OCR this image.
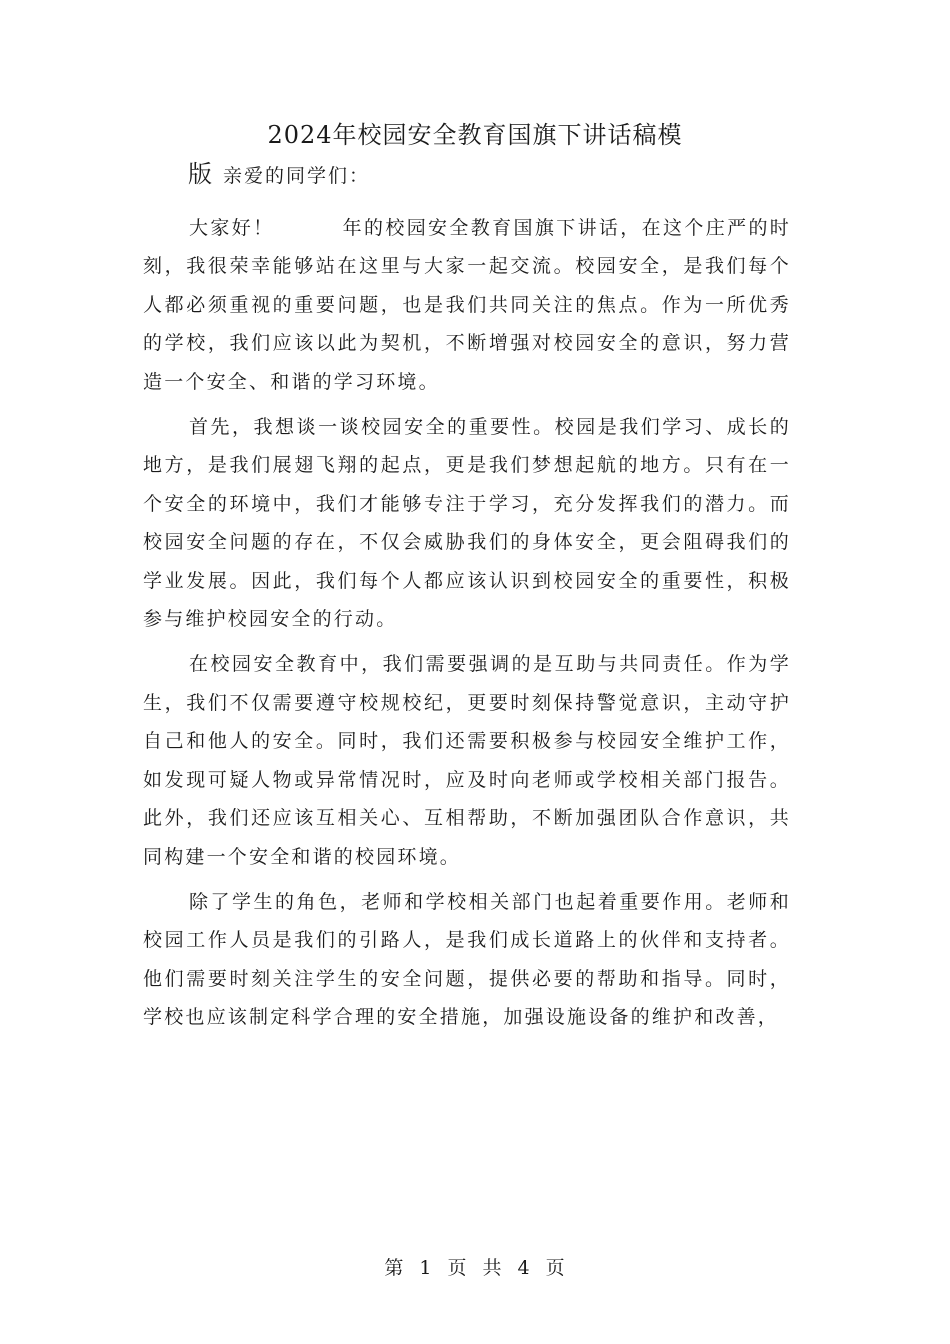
2024年校园安全教育国旗下讲话稿模
版 亲爱的同学们：

大家好！	年的校园安全教育国旗下讲话，在这个庄严的时刻，我很荣幸能够站在这里与大家一起交流。校园安全，是我们每个人都必须重视的重要问题，也是我们共同关注的焦点。作为一所优秀的学校，我们应该以此为契机，不断增强对校园安全的意识，努力营造一个安全、和谐的学习环境。

首先，我想谈一谈校园安全的重要性。校园是我们学习、成长的地方，是我们展翅飞翔的起点，更是我们梦想起航的地方。只有在一个安全的环境中，我们才能够专注于学习，充分发挥我们的潜力。而校园安全问题的存在，不仅会威胁我们的身体安全，更会阻碍我们的学业发展。因此，我们每个人都应该认识到校园安全的重要性，积极参与维护校园安全的行动。

在校园安全教育中，我们需要强调的是互助与共同责任。作为学生，我们不仅需要遵守校规校纪，更要时刻保持警觉意识，主动守护自己和他人的安全。同时，我们还需要积极参与校园安全维护工作，如发现可疑人物或异常情况时，应及时向老师或学校相关部门报告。此外，我们还应该互相关心、互相帮助，不断加强团队合作意识，共同构建一个安全和谐的校园环境。

除了学生的角色，老师和学校相关部门也起着重要作用。老师和校园工作人员是我们的引路人，是我们成长道路上的伙伴和支持者。他们需要时刻关注学生的安全问题，提供必要的帮助和指导。同时，学校也应该制定科学合理的安全措施，加强设施设备的维护和改善，

第 1 页 共 4 页
